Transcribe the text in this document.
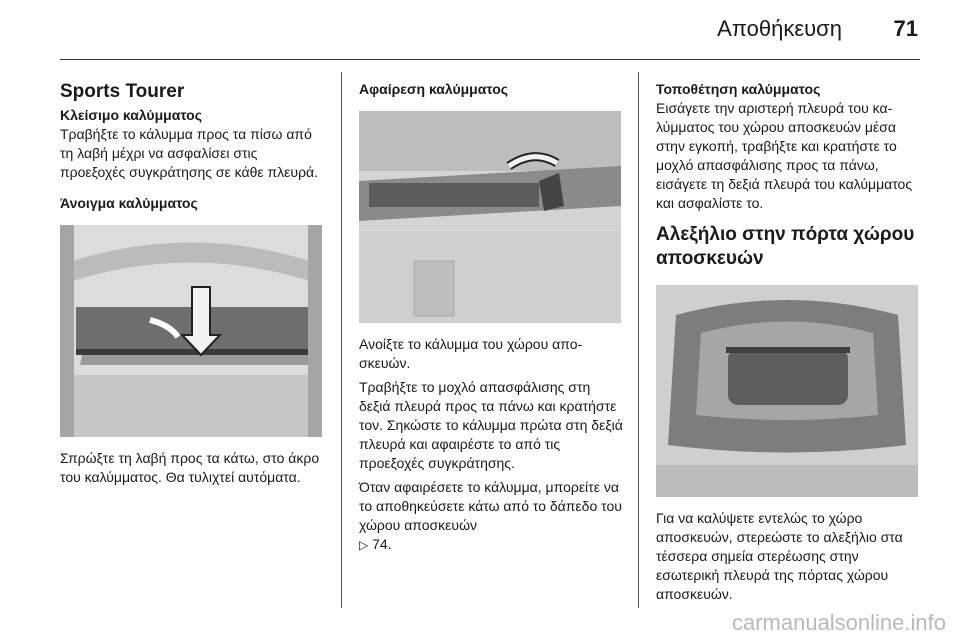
Αποθήκευση 71
Sports Tourer
Κλείσιμο καλύμματος

Τραβήξτε το κάλυμμα προς τα πίσω από τη λαβή μέχρι να ασφαλίσει στις προεξοχές συγκράτησης σε κάθε πλευρά.

Άνοιγμα καλύμματος

Σπρώξτε τη λαβή προς τα κάτω, στο άκρο του καλύμματος. Θα τυλιχτεί αυτόματα.

Αφαίρεση καλύμματος

Ανοίξτε το κάλυμμα του χώρου αποσκευών.

Τραβήξτε το μοχλό απασφάλισης στη δεξιά πλευρά προς τα πάνω και κρατήστε τον. Σηκώστε το κάλυμμα πρώτα στη δεξιά πλευρά και αφαιρέστε το από τις προεξοχές συγκράτησης.

Όταν αφαιρέσετε το κάλυμμα, μπορείτε να το αποθηκεύσετε κάτω από το δάπεδο του χώρου αποσκευών

▷ 74.

Τοποθέτηση καλύμματος

Εισάγετε την αριστερή πλευρά του καλύμματος του χώρου αποσκευών μέσα στην εγκοπή, τραβήξτε και κρατήστε το μοχλό απασφάλισης προς τα πάνω, εισάγετε τη δεξιά πλευρά του καλύμματος και ασφαλίστε το.

Αλεξήλιο στην πόρτα χώρου αποσκευών

Για να καλύψετε εντελώς το χώρο αποσκευών, στερεώστε το αλεξήλιο στα τέσσερα σημεία στερέωσης στην εσωτερική πλευρά της πόρτας χώρου αποσκευών.

carmanualsonline.info
